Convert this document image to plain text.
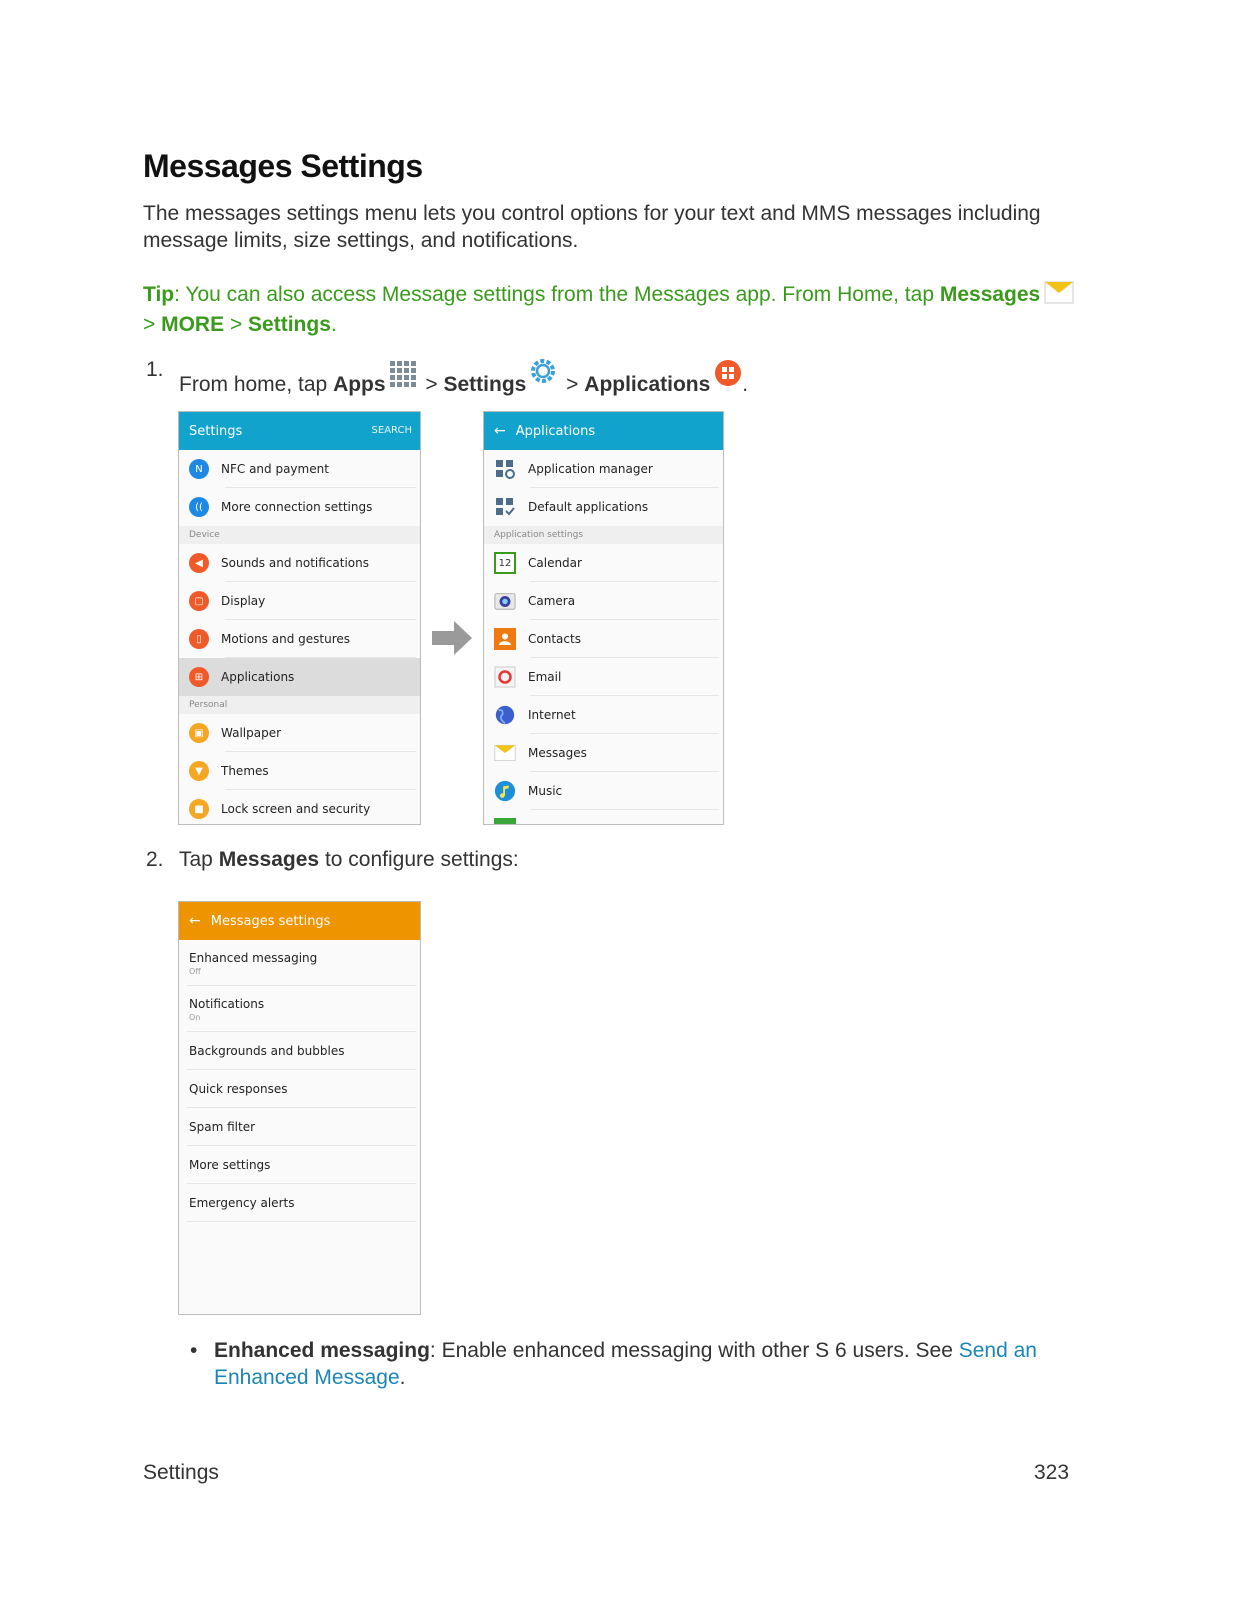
Messages Settings
The messages settings menu lets you control options for your text and MMS messages including message limits, size settings, and notifications.
Tip: You can also access Message settings from the Messages app. From Home, tap Messages
> MORE > Settings.
1.
From home, tap Apps > Settings > Applications .
Settings	SEARCH
N	NFC and payment
((	More connection settings
Device
◀	Sounds and notifications
▢	Display
▯	Motions and gestures
⊞	Applications
Personal
▣	Wallpaper
▼	Themes
■	Lock screen and security
← Applications
Application manager
Default applications
Application settings
12 Calendar
Camera
Contacts
Email
Internet
Messages
Music
2. Tap Messages to configure settings:
← Messages settings
Enhanced messaging
Off
Notifications
On
Backgrounds and bubbles
Quick responses
Spam filter
More settings
Emergency alerts
• Enhanced messaging: Enable enhanced messaging with other S 6 users. See Send an Enhanced Message.
Settings	323
